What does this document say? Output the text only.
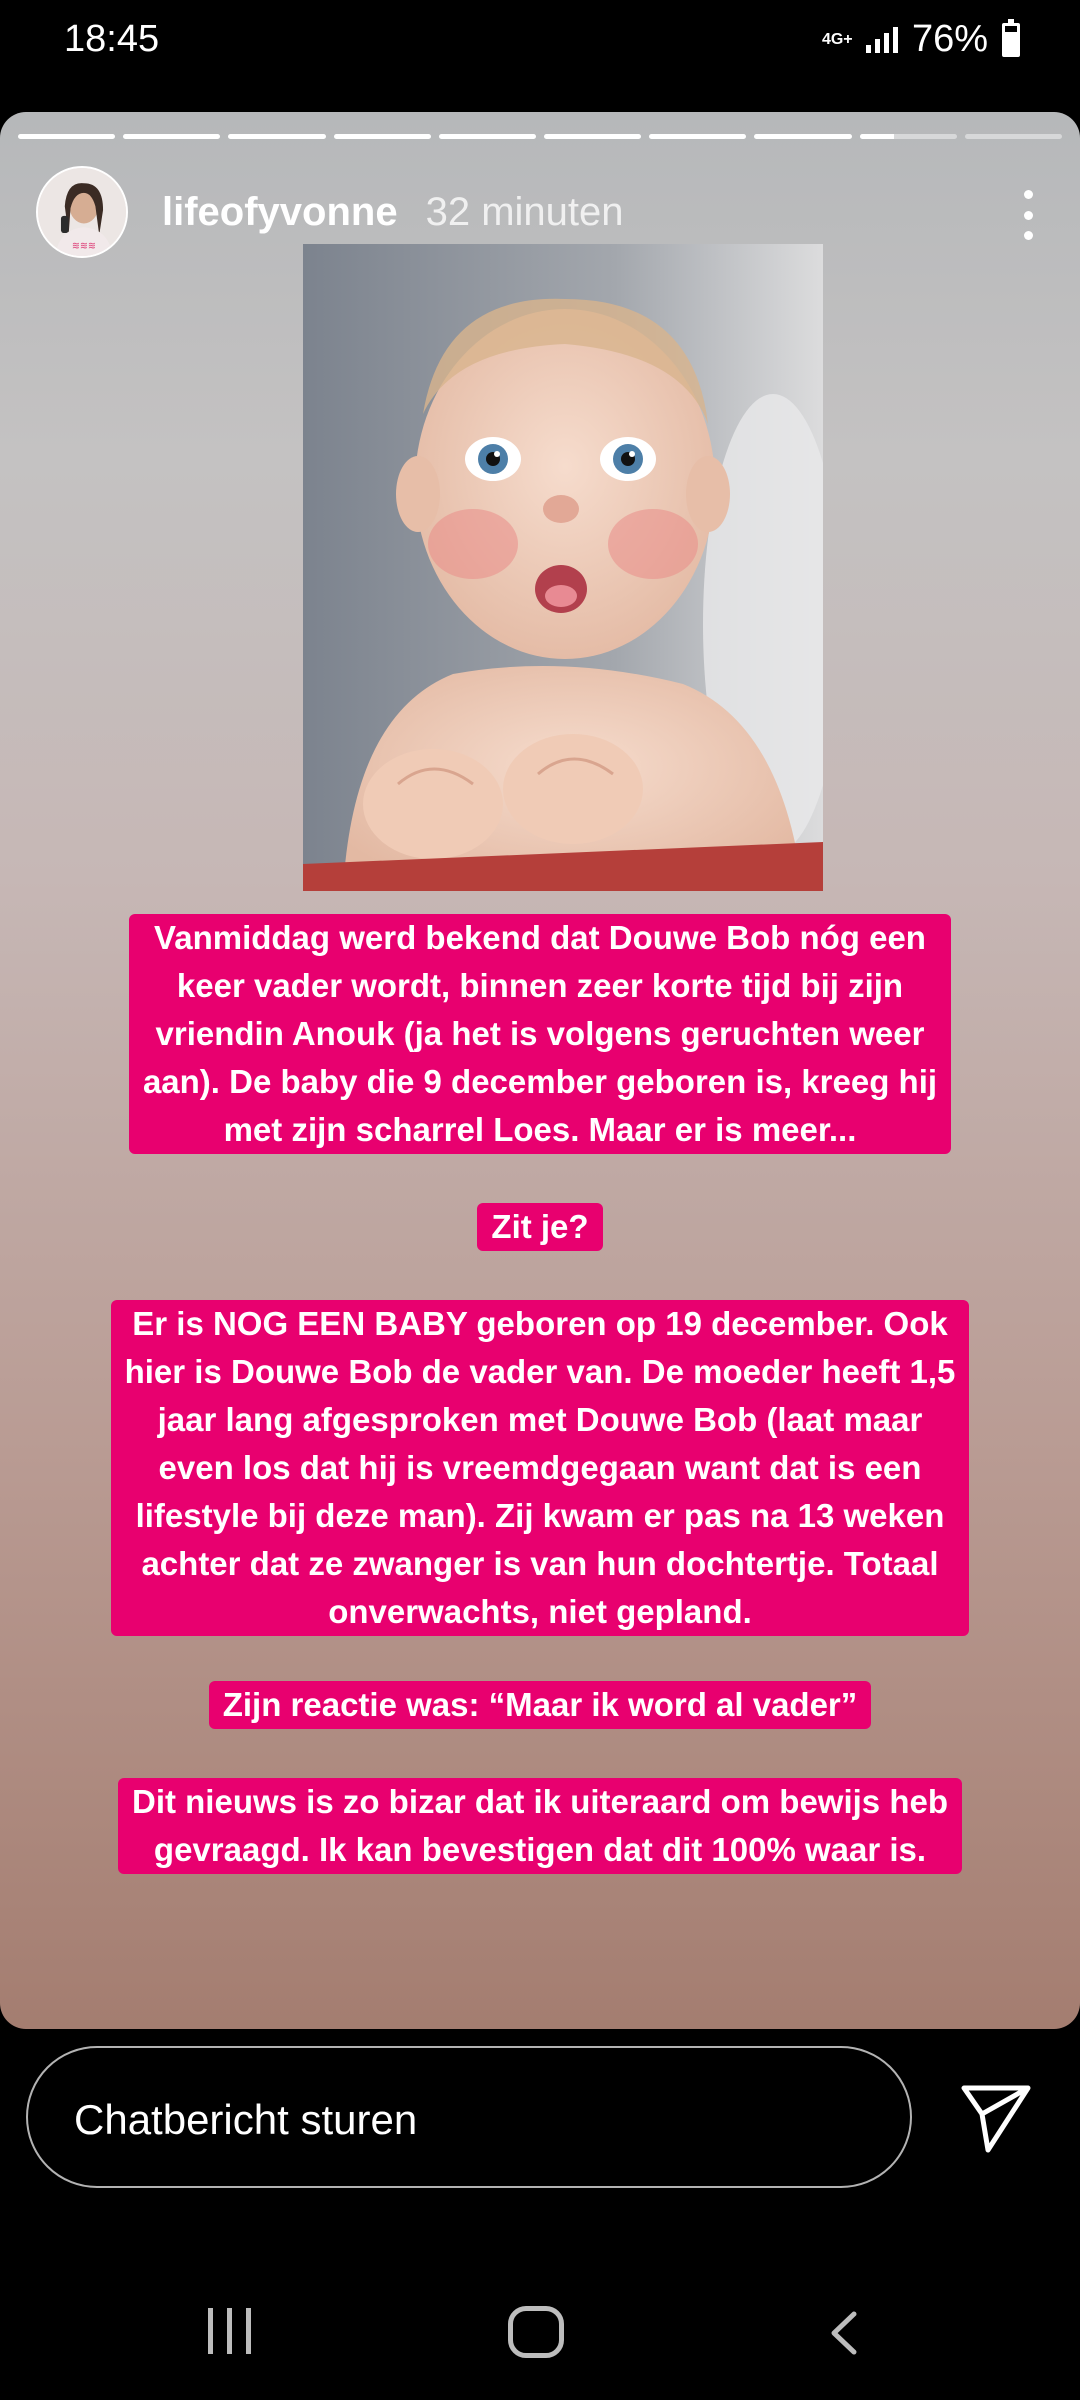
18:45	4G+ 76%
≋≋≋
lifeofyvonne 32 minuten
Vanmiddag werd bekend dat Douwe Bob nóg een
keer vader wordt, binnen zeer korte tijd bij zijn
vriendin Anouk (ja het is volgens geruchten weer
aan). De baby die 9 december geboren is, kreeg hij
met zijn scharrel Loes. Maar er is meer...
Zit je?
Er is NOG EEN BABY geboren op 19 december. Ook
hier is Douwe Bob de vader van. De moeder heeft 1,5
jaar lang afgesproken met Douwe Bob (laat maar
even los dat hij is vreemdgegaan want dat is een
lifestyle bij deze man). Zij kwam er pas na 13 weken
achter dat ze zwanger is van hun dochtertje. Totaal
onverwachts, niet gepland.
Zijn reactie was: “Maar ik word al vader”
Dit nieuws is zo bizar dat ik uiteraard om bewijs heb
gevraagd. Ik kan bevestigen dat dit 100% waar is.
Chatbericht sturen
